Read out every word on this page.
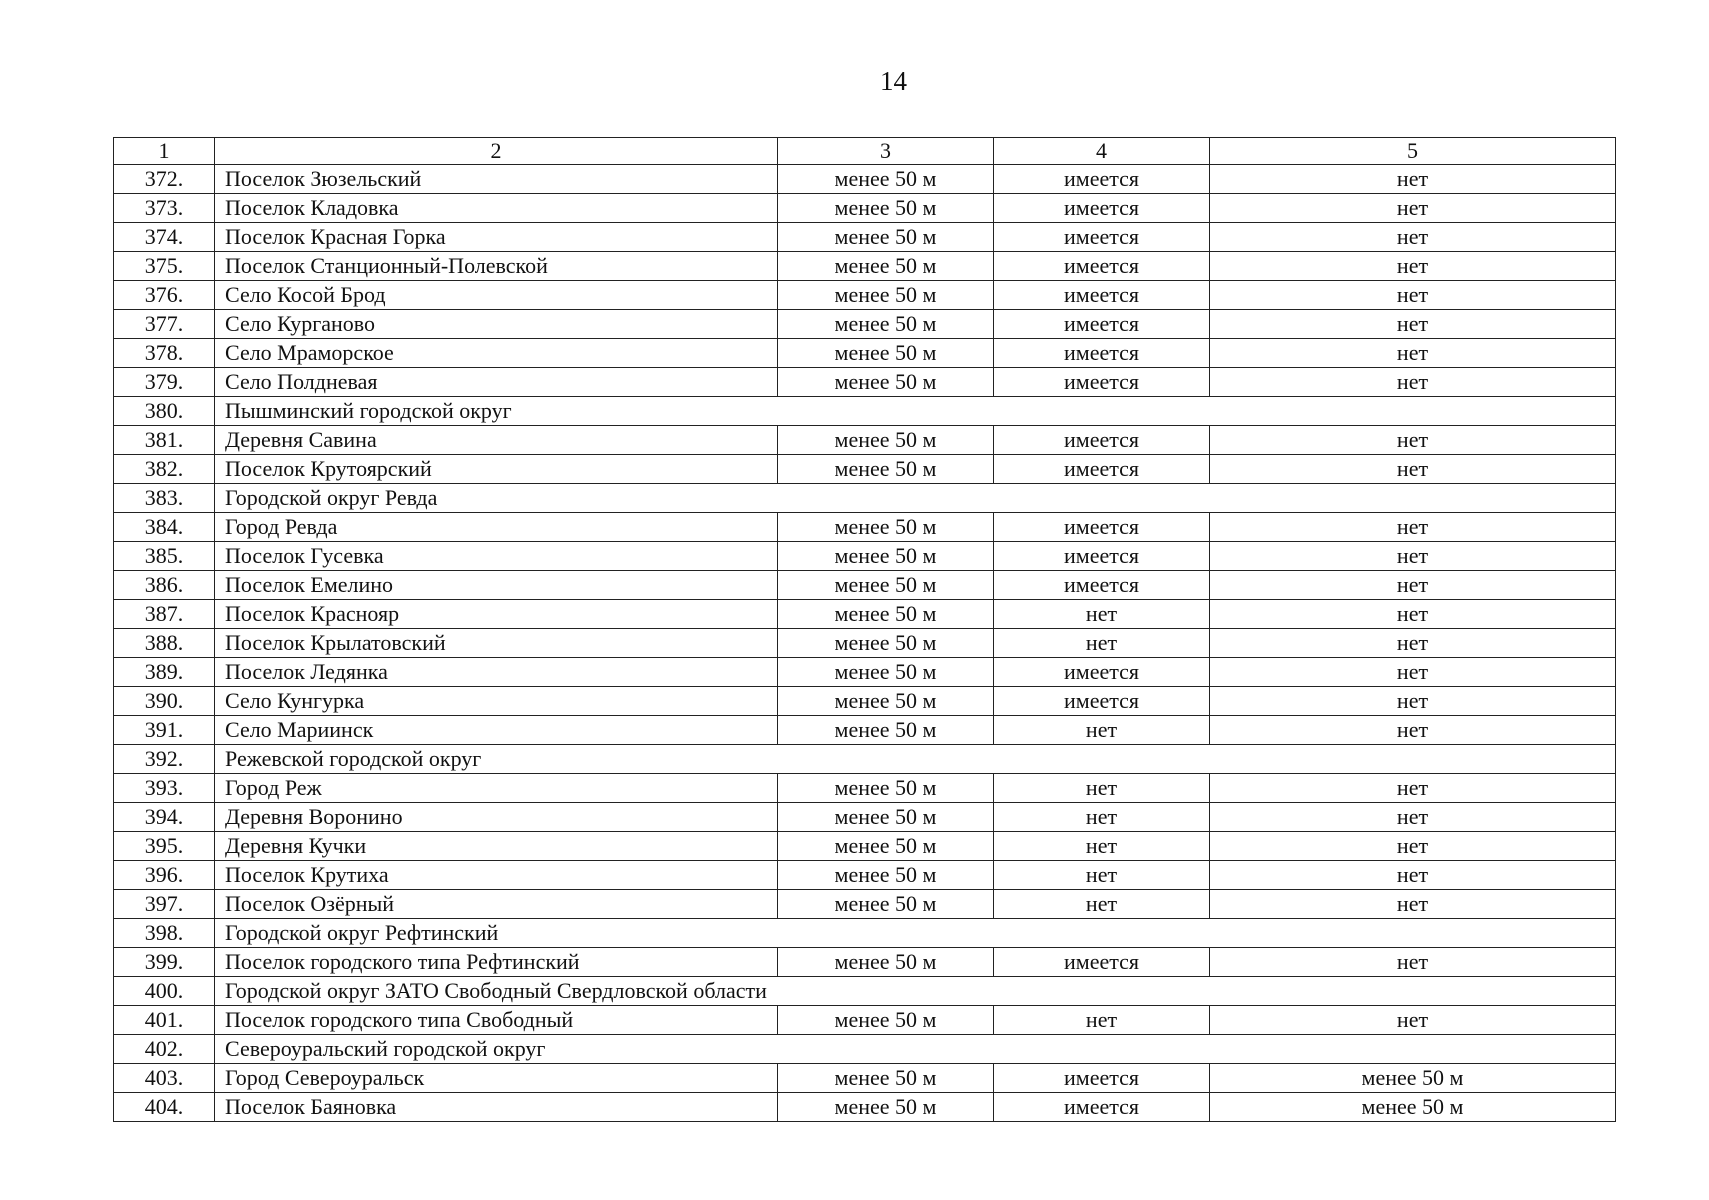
14
1	2	3	4	5
372.	Поселок Зюзельский	менее 50 м	имеется	нет
373.	Поселок Кладовка	менее 50 м	имеется	нет
374.	Поселок Красная Горка	менее 50 м	имеется	нет
375.	Поселок Станционный-Полевской	менее 50 м	имеется	нет
376.	Село Косой Брод	менее 50 м	имеется	нет
377.	Село Курганово	менее 50 м	имеется	нет
378.	Село Мраморское	менее 50 м	имеется	нет
379.	Село Полдневая	менее 50 м	имеется	нет
380.	Пышминский городской округ			
381.	Деревня Савина	менее 50 м	имеется	нет
382.	Поселок Крутоярский	менее 50 м	имеется	нет
383.	Городской округ Ревда			
384.	Город Ревда	менее 50 м	имеется	нет
385.	Поселок Гусевка	менее 50 м	имеется	нет
386.	Поселок Емелино	менее 50 м	имеется	нет
387.	Поселок Краснояр	менее 50 м	нет	нет
388.	Поселок Крылатовский	менее 50 м	нет	нет
389.	Поселок Ледянка	менее 50 м	имеется	нет
390.	Село Кунгурка	менее 50 м	имеется	нет
391.	Село Мариинск	менее 50 м	нет	нет
392.	Режевской городской округ			
393.	Город Реж	менее 50 м	нет	нет
394.	Деревня Воронино	менее 50 м	нет	нет
395.	Деревня Кучки	менее 50 м	нет	нет
396.	Поселок Крутиха	менее 50 м	нет	нет
397.	Поселок Озёрный	менее 50 м	нет	нет
398.	Городской округ Рефтинский			
399.	Поселок городского типа Рефтинский	менее 50 м	имеется	нет
400.	Городской округ ЗАТО Свободный Свердловской области			
401.	Поселок городского типа Свободный	менее 50 м	нет	нет
402.	Североуральский городской округ			
403.	Город Североуральск	менее 50 м	имеется	менее 50 м
404.	Поселок Баяновка	менее 50 м	имеется	менее 50 м
